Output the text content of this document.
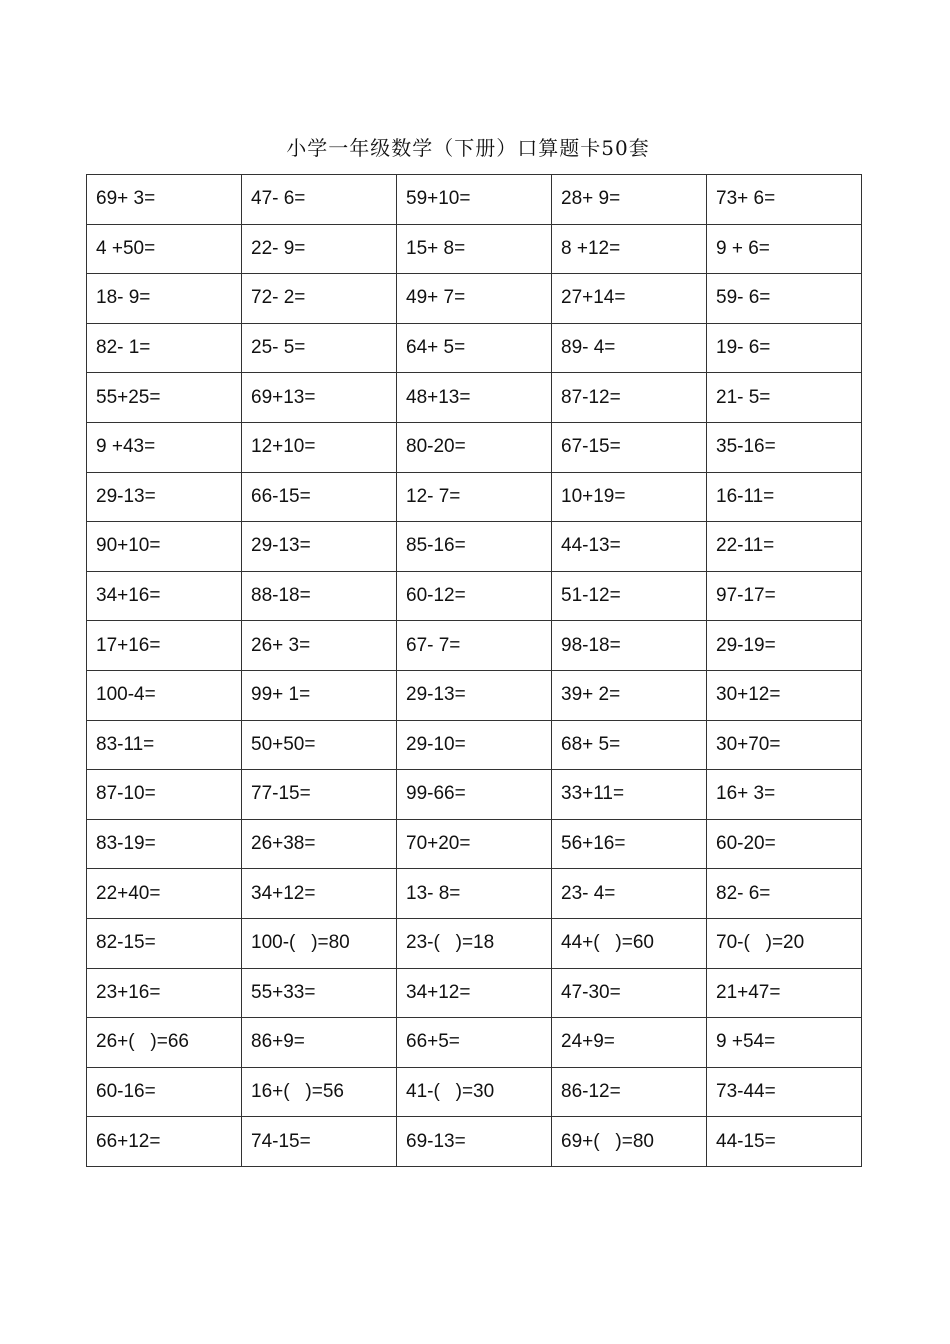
小学一年级数学（下册）口算题卡50套
69+ 3=	47- 6=	59+10=	28+ 9=	73+ 6=
4 +50=	22- 9=	15+ 8=	8 +12=	9 + 6=
18- 9=	72- 2=	49+ 7=	27+14=	59- 6=
82- 1=	25- 5=	64+ 5=	89- 4=	19- 6=
55+25=	69+13=	48+13=	87-12=	21- 5=
9 +43=	12+10=	80-20=	67-15=	35-16=
29-13=	66-15=	12- 7=	10+19=	16-11=
90+10=	29-13=	85-16=	44-13=	22-11=
34+16=	88-18=	60-12=	51-12=	97-17=
17+16=	26+ 3=	67- 7=	98-18=	29-19=
100-4=	99+ 1=	29-13=	39+ 2=	30+12=
83-11=	50+50=	29-10=	68+ 5=	30+70=
87-10=	77-15=	99-66=	33+11=	16+ 3=
83-19=	26+38=	70+20=	56+16=	60-20=
22+40=	34+12=	13- 8=	23- 4=	82- 6=
82-15=	100-(   )=80	23-(   )=18	44+(   )=60	70-(   )=20
23+16=	55+33=	34+12=	47-30=	21+47=
26+(   )=66	86+9=	66+5=	24+9=	9 +54=
60-16=	16+(   )=56	41-(   )=30	86-12=	73-44=
66+12=	74-15=	69-13=	69+(   )=80	44-15=
